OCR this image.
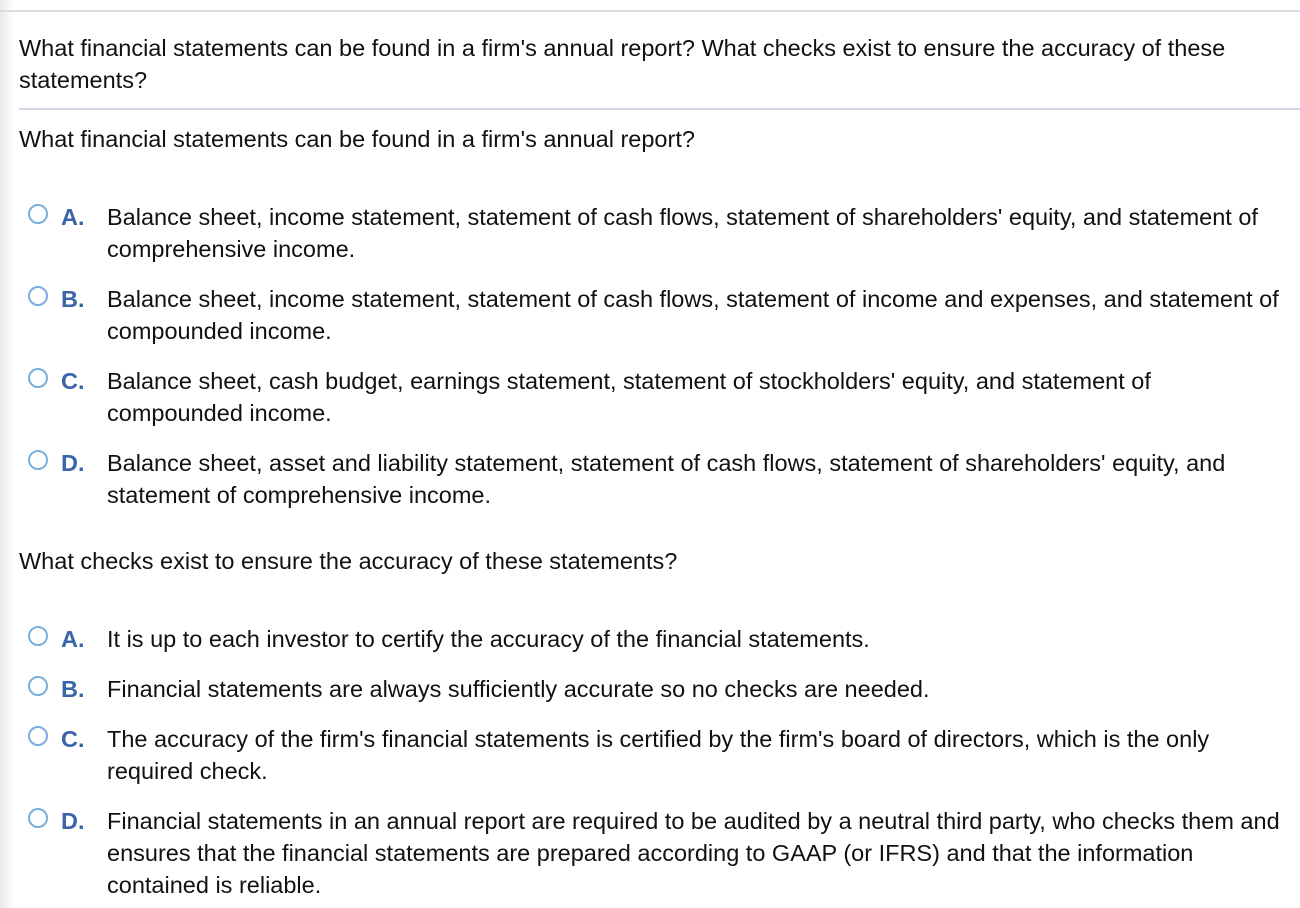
What financial statements can be found in a firm's annual report? What checks exist to ensure the accuracy of these statements?
What financial statements can be found in a firm's annual report?
A. Balance sheet, income statement, statement of cash flows, statement of shareholders' equity, and statement of comprehensive income.
B. Balance sheet, income statement, statement of cash flows, statement of income and expenses, and statement of compounded income.
C. Balance sheet, cash budget, earnings statement, statement of stockholders' equity, and statement of compounded income.
D. Balance sheet, asset and liability statement, statement of cash flows, statement of shareholders' equity, and statement of comprehensive income.
What checks exist to ensure the accuracy of these statements?
A. It is up to each investor to certify the accuracy of the financial statements.
B. Financial statements are always sufficiently accurate so no checks are needed.
C. The accuracy of the firm's financial statements is certified by the firm's board of directors, which is the only required check.
D. Financial statements in an annual report are required to be audited by a neutral third party, who checks them and ensures that the financial statements are prepared according to GAAP (or IFRS) and that the information contained is reliable.
